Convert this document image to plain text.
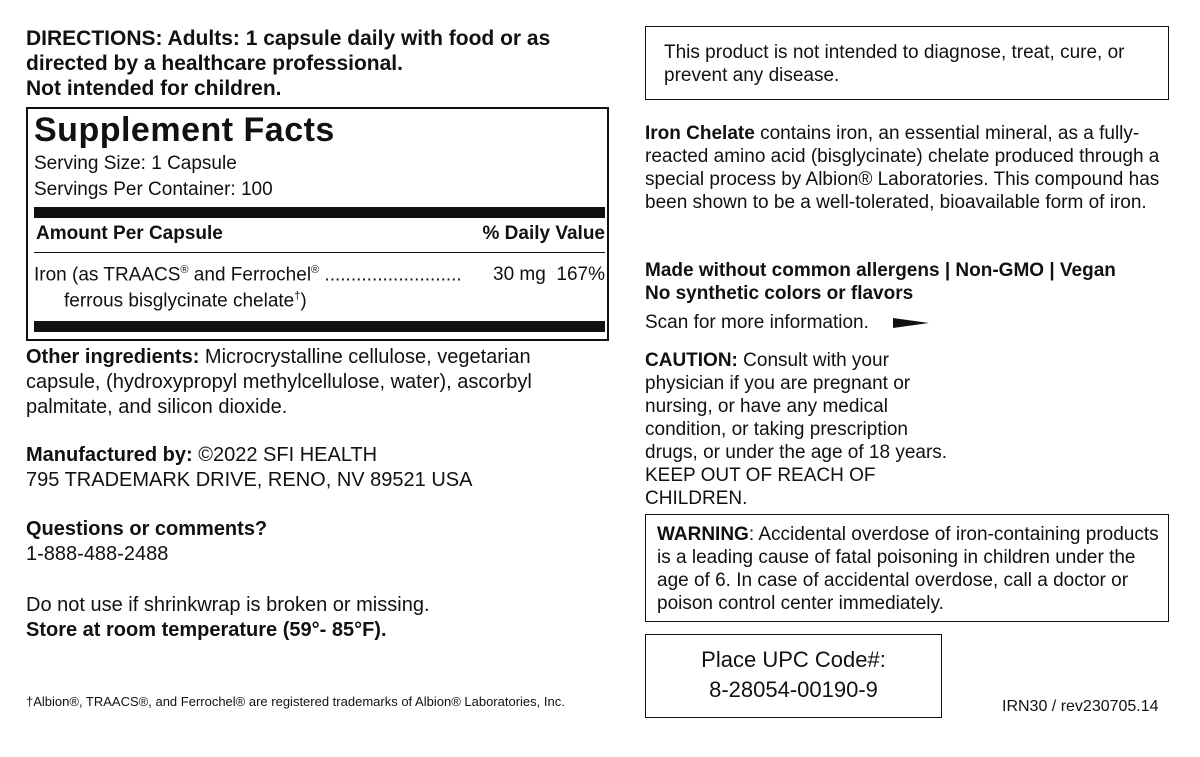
DIRECTIONS: Adults: 1 capsule daily with food or as
directed by a healthcare professional.
Not intended for children.
Supplement Facts
Serving Size: 1 Capsule
Servings Per Container: 100
Amount Per Capsule	% Daily Value
Iron (as TRAACS® and Ferrochel® .......................... 30 mg 167%
ferrous bisglycinate chelate†)
Other ingredients: Microcrystalline cellulose, vegetarian capsule, (hydroxypropyl methylcellulose, water), ascorbyl palmitate, and silicon dioxide.
Manufactured by: ©2022 SFI HEALTH
795 TRADEMARK DRIVE, RENO, NV 89521 USA
Questions or comments?
1-888-488-2488
Do not use if shrinkwrap is broken or missing.
Store at room temperature (59°- 85°F).
†Albion®, TRAACS®, and Ferrochel® are registered trademarks of Albion® Laboratories, Inc.
This product is not intended to diagnose, treat, cure, or prevent any disease.
Iron Chelate contains iron, an essential mineral, as a fully-reacted amino acid (bisglycinate) chelate produced through a special process by Albion® Laboratories. This compound has been shown to be a well-tolerated, bioavailable form of iron.
Made without common allergens | Non-GMO | Vegan
No synthetic colors or flavors
Scan for more information.
CAUTION: Consult with your physician if you are pregnant or nursing, or have any medical condition, or taking prescription drugs, or under the age of 18 years.
KEEP OUT OF REACH OF CHILDREN.
WARNING: Accidental overdose of iron-containing products is a leading cause of fatal poisoning in children under the age of 6. In case of accidental overdose, call a doctor or poison control center immediately.
Place UPC Code#:
8-28054-00190-9
IRN30 / rev230705.14
